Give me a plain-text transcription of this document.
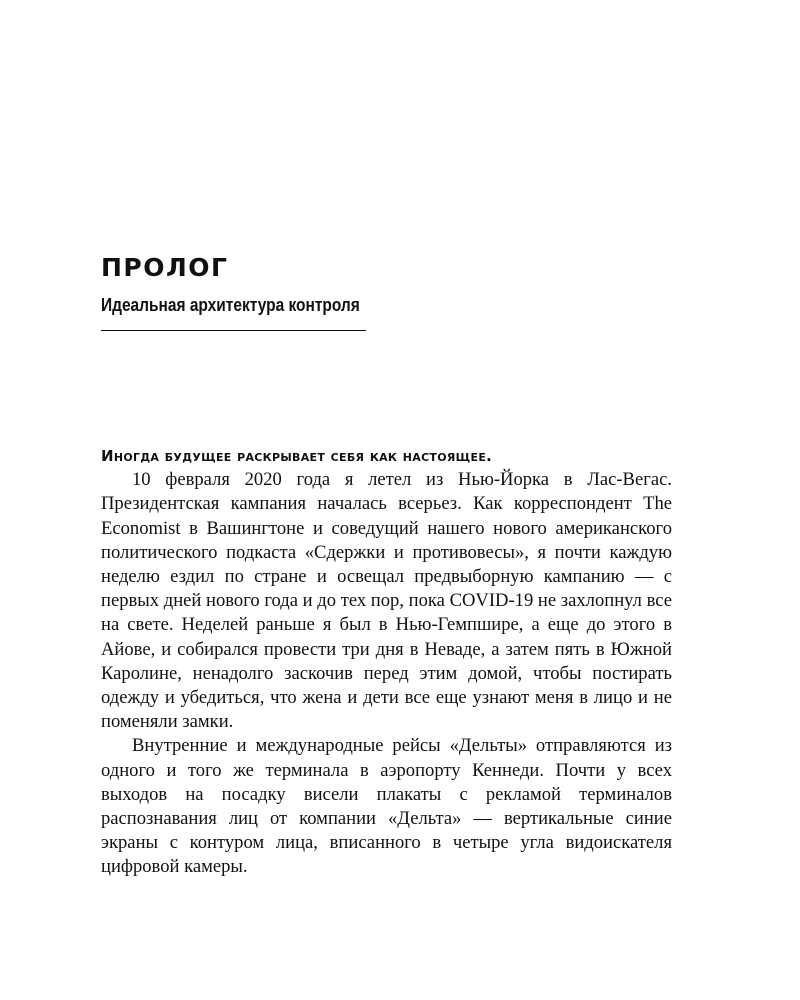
ПРОЛОГ
Идеальная архитектура контроля

Иногда будущее раскрывает себя как настоящее.

10 февраля 2020 года я летел из Нью-Йорка в Лас-Вегас. Президентская кампания началась всерьез. Как корреспондент The Economist в Вашингтоне и соведущий нашего нового американского политического подкаста «Сдержки и противовесы», я почти каждую неделю ездил по стране и освещал предвыборную кампанию — с первых дней нового года и до тех пор, пока COVID-19 не захлопнул все на свете. Неделей раньше я был в Нью-Гемпшире, а еще до этого в Айове, и собирался провести три дня в Неваде, а затем пять в Южной Каролине, ненадолго заскочив перед этим домой, чтобы постирать одежду и убедиться, что жена и дети все еще узнают меня в лицо и не поменяли замки.

Внутренние и международные рейсы «Дельты» отправляются из одного и того же терминала в аэропорту Кеннеди. Почти у всех выходов на посадку висели плакаты с рекламой терминалов распознавания лиц от компании «Дельта» — вертикальные синие экраны с контуром лица, вписанного в четыре угла видоискателя цифровой камеры.
